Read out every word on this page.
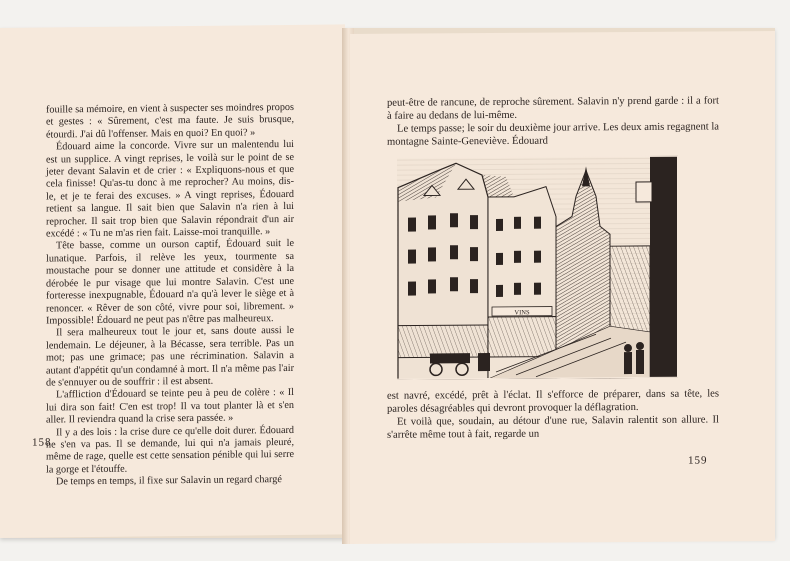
fouille sa mémoire, en vient à suspecter ses moindres propos et gestes : « Sûrement, c'est ma faute. Je suis brusque, étourdi. J'ai dû l'offenser. Mais en quoi? En quoi? »

Édouard aime la concorde. Vivre sur un malentendu lui est un supplice. A vingt reprises, le voilà sur le point de se jeter devant Salavin et de crier : « Expliquons-nous et que cela finisse! Qu'as-tu donc à me reprocher? Au moins, dis-le, et je te ferai des excuses. » A vingt reprises, Édouard retient sa langue. Il sait bien que Salavin n'a rien à lui reprocher. Il sait trop bien que Salavin répondrait d'un air excédé : « Tu ne m'as rien fait. Laisse-moi tranquille. »

Tête basse, comme un ourson captif, Édouard suit le lunatique. Parfois, il relève les yeux, tourmente sa moustache pour se donner une attitude et considère à la dérobée le pur visage que lui montre Salavin. C'est une forteresse inexpugnable, Édouard n'a qu'à lever le siège et à renoncer. « Rêver de son côté, vivre pour soi, librement. » Impossible! Édouard ne peut pas n'être pas malheureux.

Il sera malheureux tout le jour et, sans doute aussi le lendemain. Le déjeuner, à la Bécasse, sera terrible. Pas un mot; pas une grimace; pas une récrimination. Salavin a autant d'appétit qu'un condamné à mort. Il n'a même pas l'air de s'ennuyer ou de souffrir : il est absent.

L'affliction d'Édouard se teinte peu à peu de colère : « Il lui dira son fait! C'en est trop! Il va tout planter là et s'en aller. Il reviendra quand la crise sera passée. »

Il y a des lois : la crise dure ce qu'elle doit durer. Édouard ne s'en va pas. Il se demande, lui qui n'a jamais pleuré, même de rage, quelle est cette sensation pénible qui lui serre la gorge et l'étouffe.

De temps en temps, il fixe sur Salavin un regard chargé

158

peut-être de rancune, de reproche sûrement. Salavin n'y prend garde : il a fort à faire au dedans de lui-même.

Le temps passe; le soir du deuxième jour arrive. Les deux amis regagnent la montagne Sainte-Geneviève. Édouard

VINS

est navré, excédé, prêt à l'éclat. Il s'efforce de préparer, dans sa tête, les paroles désagréables qui devront provoquer la déflagration.

Et voilà que, soudain, au détour d'une rue, Salavin ralentit son allure. Il s'arrête même tout à fait, regarde un

159
